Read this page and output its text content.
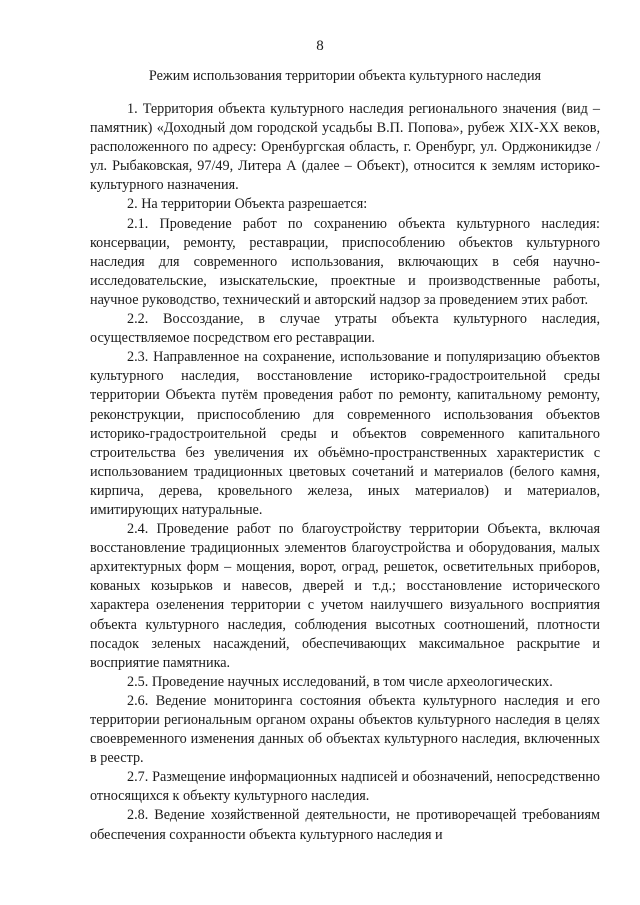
8
Режим использования территории объекта культурного наследия

1. Территория объекта культурного наследия регионального значения (вид – памятник) «Доходный дом городской усадьбы В.П. Попова», рубеж XIX-XX веков, расположенного по адресу: Оренбургская область, г. Оренбург, ул. Орджоникидзе / ул. Рыбаковская, 97/49, Литера А (далее – Объект), относится к землям историко-культурного назначения.

2. На территории Объекта разрешается:

2.1. Проведение работ по сохранению объекта культурного наследия: консервации, ремонту, реставрации, приспособлению объектов культурного наследия для современного использования, включающих в себя научно-исследовательские, изыскательские, проектные и производственные работы, научное руководство, технический и авторский надзор за проведением этих работ.

2.2. Воссоздание, в случае утраты объекта культурного наследия, осуществляемое посредством его реставрации.

2.3. Направленное на сохранение, использование и популяризацию объектов культурного наследия, восстановление историко-градостроительной среды территории Объекта путём проведения работ по ремонту, капитальному ремонту, реконструкции, приспособлению для современного использования объектов историко-градостроительной среды и объектов современного капитального строительства без увеличения их объёмно-пространственных характеристик с использованием традиционных цветовых сочетаний и материалов (белого камня, кирпича, дерева, кровельного железа, иных материалов) и материалов, имитирующих натуральные.

2.4. Проведение работ по благоустройству территории Объекта, включая восстановление традиционных элементов благоустройства и оборудования, малых архитектурных форм – мощения, ворот, оград, решеток, осветительных приборов, кованых козырьков и навесов, дверей и т.д.; восстановление исторического характера озеленения территории с учетом наилучшего визуального восприятия объекта культурного наследия, соблюдения высотных соотношений, плотности посадок зеленых насаждений, обеспечивающих максимальное раскрытие и восприятие памятника.

2.5. Проведение научных исследований, в том числе археологических.

2.6. Ведение мониторинга состояния объекта культурного наследия и его территории региональным органом охраны объектов культурного наследия в целях своевременного изменения данных об объектах культурного наследия, включенных в реестр.

2.7. Размещение информационных надписей и обозначений, непосредственно относящихся к объекту культурного наследия.

2.8. Ведение хозяйственной деятельности, не противоречащей требованиям обеспечения сохранности объекта культурного наследия и
